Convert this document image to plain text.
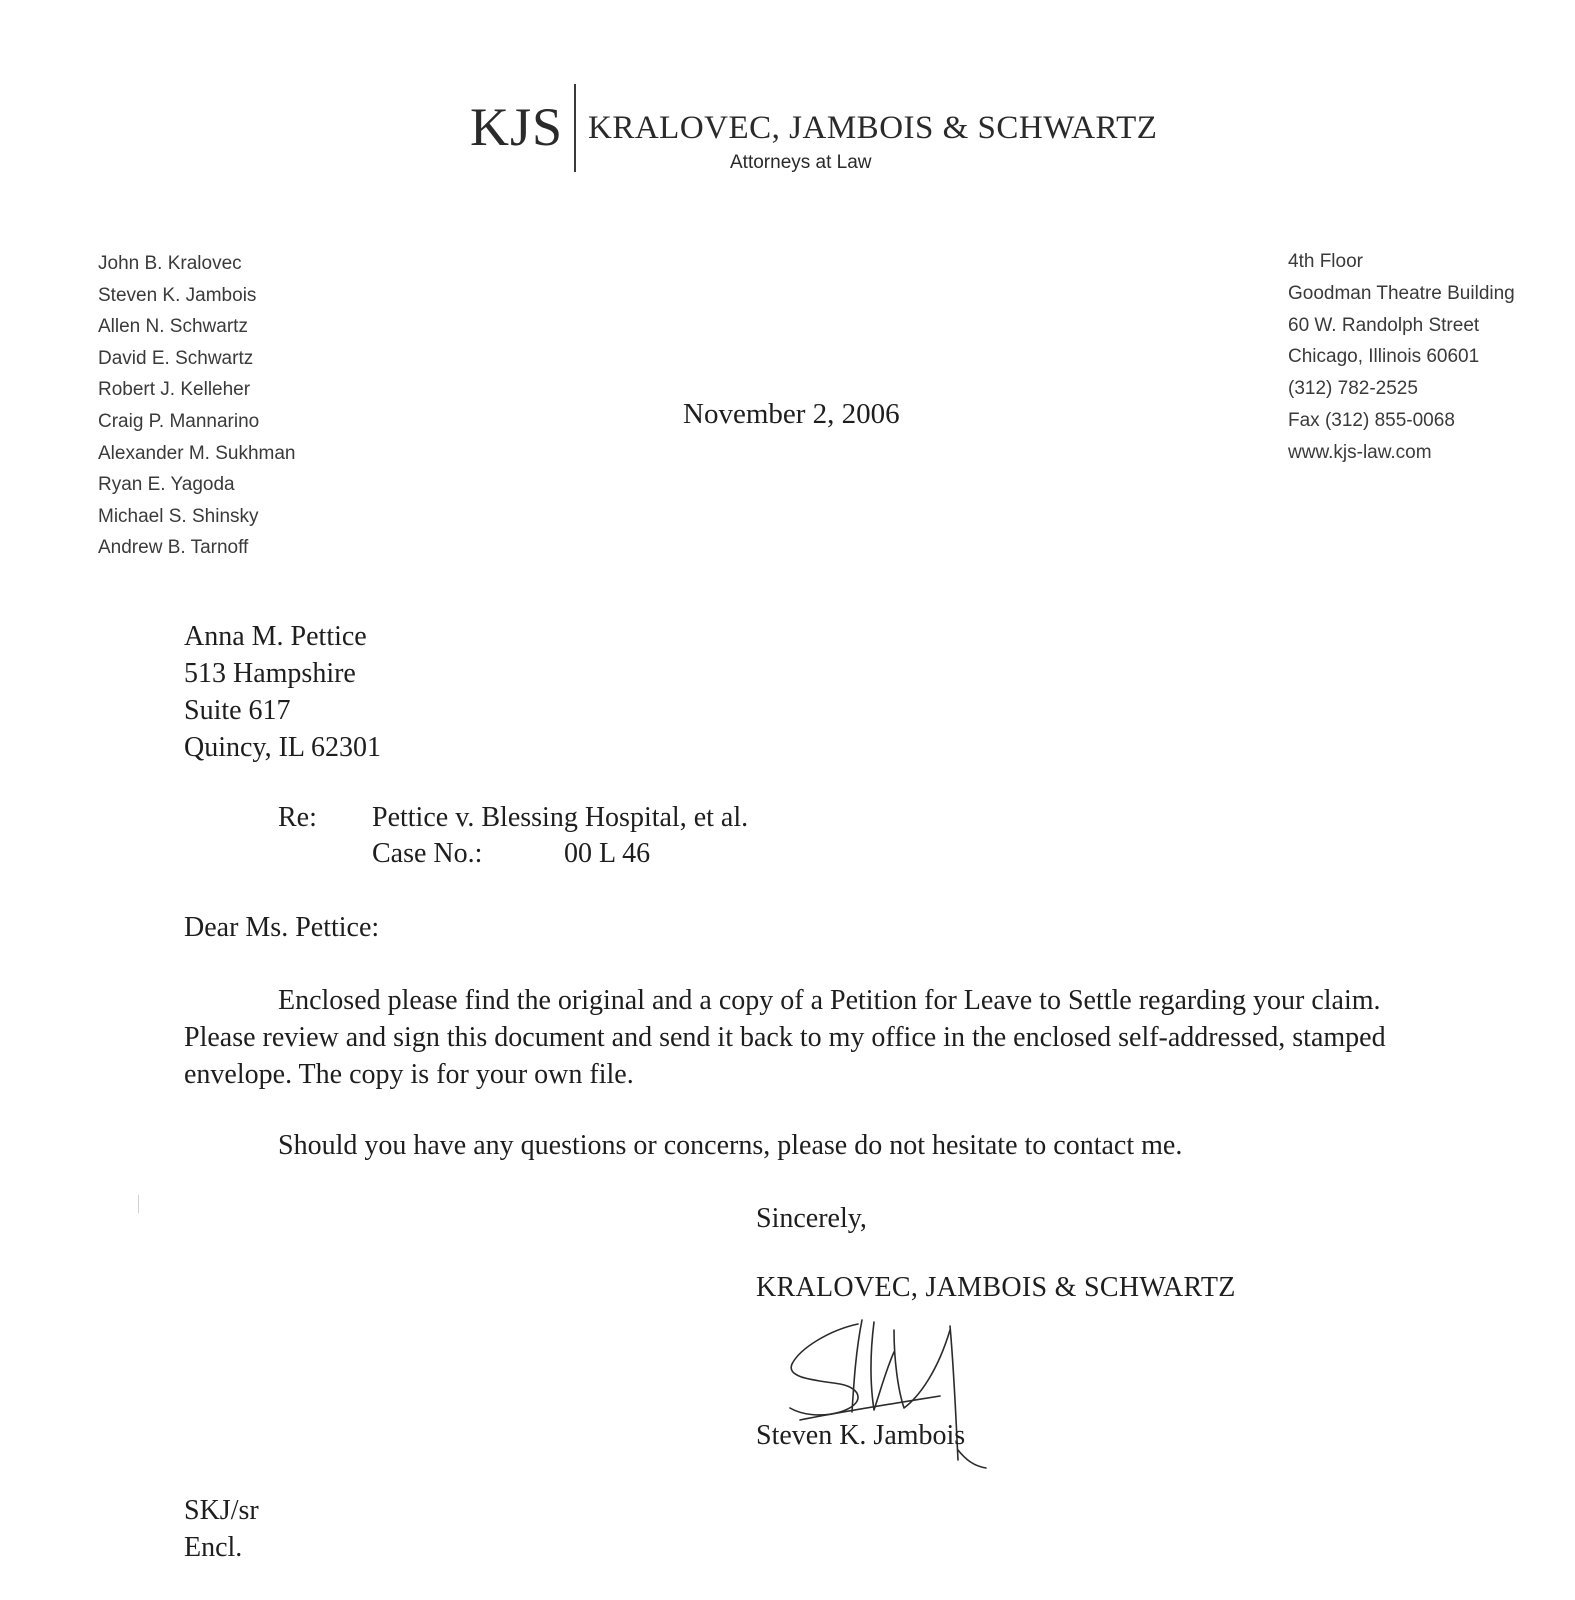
KJS KRALOVEC, JAMBOIS & SCHWARTZ
Attorneys at Law
John B. Kralovec
Steven K. Jambois
Allen N. Schwartz
David E. Schwartz
Robert J. Kelleher
Craig P. Mannarino
Alexander M. Sukhman
Ryan E. Yagoda
Michael S. Shinsky
Andrew B. Tarnoff
4th Floor
Goodman Theatre Building
60 W. Randolph Street
Chicago, Illinois 60601
(312) 782-2525
Fax (312) 855-0068
www.kjs-law.com
November 2, 2006
Anna M. Pettice
513 Hampshire
Suite 617
Quincy, IL 62301
Re: Pettice v. Blessing Hospital, et al.
Case No.:	00 L 46
Dear Ms. Pettice:

Enclosed please find the original and a copy of a Petition for Leave to Settle regarding your claim. Please review and sign this document and send it back to my office in the enclosed self-addressed, stamped envelope. The copy is for your own file.

Should you have any questions or concerns, please do not hesitate to contact me.

Sincerely,
KRALOVEC, JAMBOIS & SCHWARTZ
Steven K. Jambois
SKJ/sr
Encl.
